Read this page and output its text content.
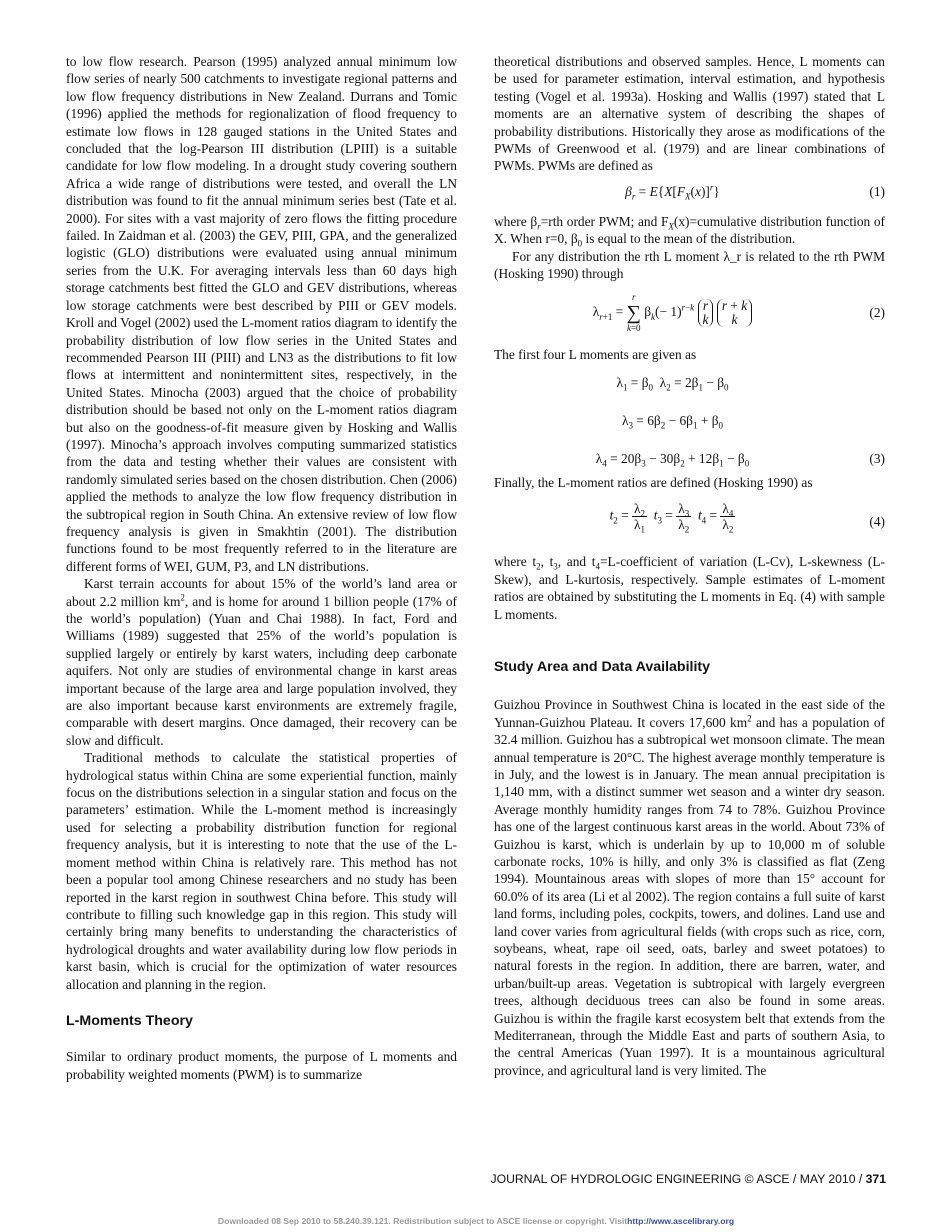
to low flow research. Pearson (1995) analyzed annual minimum low flow series of nearly 500 catchments to investigate regional patterns and low flow frequency distributions in New Zealand. Durrans and Tomic (1996) applied the methods for regionalization of flood frequency to estimate low flows in 128 gauged stations in the United States and concluded that the log-Pearson III distribution (LPIII) is a suitable candidate for low flow modeling. In a drought study covering southern Africa a wide range of distributions were tested, and overall the LN distribution was found to fit the annual minimum series best (Tate et al. 2000). For sites with a vast majority of zero flows the fitting procedure failed. In Zaidman et al. (2003) the GEV, PIII, GPA, and the generalized logistic (GLO) distributions were evaluated using annual minimum series from the U.K. For averaging intervals less than 60 days high storage catchments best fitted the GLO and GEV distributions, whereas low storage catchments were best described by PIII or GEV models. Kroll and Vogel (2002) used the L-moment ratios diagram to identify the probability distribution of low flow series in the United States and recommended Pearson III (PIII) and LN3 as the distributions to fit low flows at intermittent and nonintermittent sites, respectively, in the United States. Minocha (2003) argued that the choice of probability distribution should be based not only on the L-moment ratios diagram but also on the goodness-of-fit measure given by Hosking and Wallis (1997). Minocha’s approach involves computing summarized statistics from the data and testing whether their values are consistent with randomly simulated series based on the chosen distribution. Chen (2006) applied the methods to analyze the low flow frequency distribution in the subtropical region in South China. An extensive review of low flow frequency analysis is given in Smakhtin (2001). The distribution functions found to be most frequently referred to in the literature are different forms of WEI, GUM, P3, and LN distributions.

Karst terrain accounts for about 15% of the world’s land area or about 2.2 million $km^2$, and is home for around 1 billion people (17% of the world’s population) (Yuan and Chai 1988). In fact, Ford and Williams (1989) suggested that 25% of the world’s population is supplied largely or entirely by karst waters, including deep carbonate aquifers. Not only are studies of environmental change in karst areas important because of the large area and large population involved, they are also important because karst environments are extremely fragile, comparable with desert margins. Once damaged, their recovery can be slow and difficult.

Traditional methods to calculate the statistical properties of hydrological status within China are some experiential function, mainly focus on the distributions selection in a singular station and focus on the parameters’ estimation. While the L-moment method is increasingly used for selecting a probability distribution function for regional frequency analysis, but it is interesting to note that the use of the L-moment method within China is relatively rare. This method has not been a popular tool among Chinese researchers and no study has been reported in the karst region in southwest China before. This study will contribute to filling such knowledge gap in this region. This study will certainly bring many benefits to understanding the characteristics of hydrological droughts and water availability during low flow periods in karst basin, which is crucial for the optimization of water resources allocation and planning in the region.

L-Moments Theory

Similar to ordinary product moments, the purpose of L moments and probability weighted moments (PWM) is to summarize

theoretical distributions and observed samples. Hence, L moments can be used for parameter estimation, interval estimation, and hypothesis testing (Vogel et al. 1993a). Hosking and Wallis (1997) stated that L moments are an alternative system of describing the shapes of probability distributions. Historically they arose as modifications of the PWMs of Greenwood et al. (1979) and are linear combinations of PWMs. PWMs are defined as

$\beta_r = E\{X[F_X(x)]^r\}$	(1)

where $\beta_r=rth$ order PWM; and $F_X(x)=cumulative$ distribution function of X. When r=0, $\beta_0$ is equal to the mean of the distribution.

For any distribution the rth L moment λ_r is related to the rth PWM (Hosking 1990) through

$\lambda_{r+1}$ =
r
∑
k=0
$\beta_k(- 1)^{r-k}$ r
k

r + k
k	(2)

The first four L moments are given as

$\lambda_1 = \beta_0$  $\lambda_2 = 2\beta_1 - \beta_0$
$\lambda_3 = 6\beta_2 - 6\beta_1 + \beta_0$
$\lambda_4 = 20\beta_3 - 30\beta_2 + 12\beta_1 - \beta_0$	(3)

Finally, the L-moment ratios are defined (Hosking 1990) as

$t_2 = \frac{\lambda_2}{\lambda_1} t_3 = \frac{\lambda_3}{\lambda_2} t_4 = \frac{\lambda_4}{\lambda_2}$	(4)

where $t_2$, $t_3$, and $t_4=L$-coefficient of variation (L-Cv), L-skewness (L-Skew), and L-kurtosis, respectively. Sample estimates of L-moment ratios are obtained by substituting the L moments in Eq. (4) with sample L moments.

Study Area and Data Availability

Guizhou Province in Southwest China is located in the east side of the Yunnan-Guizhou Plateau. It covers 17,600 $km^2$ and has a population of 32.4 million. Guizhou has a subtropical wet monsoon climate. The mean annual temperature is 20°C. The highest average monthly temperature is in July, and the lowest is in January. The mean annual precipitation is 1,140 mm, with a distinct summer wet season and a winter dry season. Average monthly humidity ranges from 74 to 78%. Guizhou Province has one of the largest continuous karst areas in the world. About 73% of Guizhou is karst, which is underlain by up to 10,000 m of soluble carbonate rocks, 10% is hilly, and only 3% is classified as flat (Zeng 1994). Mountainous areas with slopes of more than 15° account for 60.0% of its area (Li et al 2002). The region contains a full suite of karst land forms, including poles, cockpits, towers, and dolines. Land use and land cover varies from agricultural fields (with crops such as rice, corn, soybeans, wheat, rape oil seed, oats, barley and sweet potatoes) to natural forests in the region. In addition, there are barren, water, and urban/built-up areas. Vegetation is subtropical with largely evergreen trees, although deciduous trees can also be found in some areas. Guizhou is within the fragile karst ecosystem belt that extends from the Mediterranean, through the Middle East and parts of southern Asia, to the central Americas (Yuan 1997). It is a mountainous agricultural province, and agricultural land is very limited. The

JOURNAL OF HYDROLOGIC ENGINEERING © ASCE / MAY 2010 / 371
Downloaded 08 Sep 2010 to 58.240.39.121. Redistribution subject to ASCE license or copyright. Visithttp://www.ascelibrary.org
